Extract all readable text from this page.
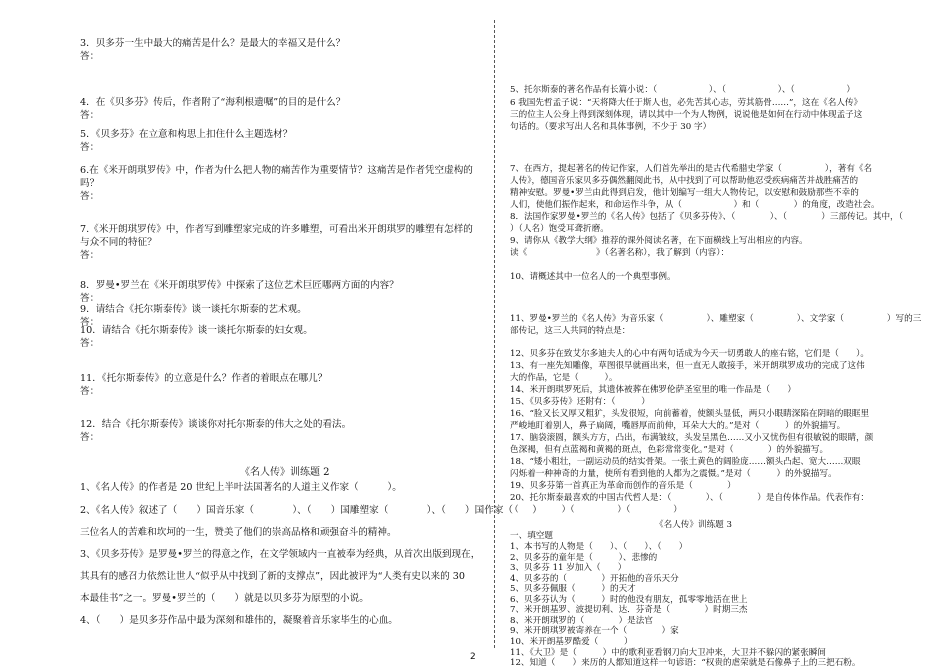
3．贝多芬一生中最大的痛苦是什么？是最大的幸福又是什么？
答：
4．在《贝多芬》传后，作者附了“海利根遗嘱”的目的是什么？
答：
5．《贝多芬》在立意和构思上扣住什么主题选材？
答：
6.在《米开朗琪罗传》中，作者为什么把人物的痛苦作为重要情节？这痛苦是作者凭空虚构的
吗？
答：
7.《米开朗琪罗传》中，作者写到雕塑家完成的许多雕塑，可看出米开朗琪罗的雕塑有怎样的
与众不同的特征？
答：
8．罗曼•罗兰在《米开朗琪罗传》中探索了这位艺术巨匠哪两方面的内容？
答：
9．请结合《托尔斯泰传》谈一谈托尔斯泰的艺术观。
答：
10．请结合《托尔斯泰传》谈一谈托尔斯泰的妇女观。
答：
11．《托尔斯泰传》的立意是什么？作者的着眼点在哪儿？
答：
12．结合《托尔斯泰传》谈谈你对托尔斯泰的伟大之处的看法。
答：
《名人传》训练题 2
1、《名人传》的作者是 20 世纪上半叶法国著名的人道主义作家（　　　）。
2、《名人传》叙述了（　　）国音乐家（　　　　）、（　　）国雕塑家（　　　　）、（　　）国作家（　　）
三位名人的苦难和坎坷的一生，赞美了他们的崇高品格和顽强奋斗的精神。
3、《贝多芬传》是罗曼•罗兰的得意之作，在文学领域内一直被奉为经典，从首次出版到现在，
其具有的感召力依然让世人“似乎从中找到了新的支撑点”，因此被评为“人类有史以来的 30
本最佳书”之一。罗曼•罗兰的（　　）就是以贝多芬为原型的小说。
4、（　　）是贝多芬作品中最为深刻和雄伟的，凝聚着音乐家毕生的心血。
5、托尔斯泰的著名作品有长篇小说：（　　　　　　）、（　　　　　　）、（　　　　　　）
6 我国先哲孟子说：“天将降大任于斯人也，必先苦其心志，劳其筋骨……”，这在《名人传》
三的位主人公身上得到深刻体现，请以其中一个为人物例，说说他是如何在行动中体现孟子这
句话的。（要求写出人名和具体事例，不少于 30 字）
7、在西方，提起著名的传记作家，人们首先举出的是古代希腊史学家（　　　　　），著有《名
人传》，德国音乐家贝多芬偶然翻阅此书，从中找到了可以帮助他忍受疾病痛苦并战胜痛苦的
精神安慰。罗曼•罗兰由此得到启发，他计划编写一组大人物传记，以安慰和鼓励那些不幸的
人们，使他们振作起来，和命运作斗争，从（　　　　　　）和（　　　　）的角度，改造社会。
8．法国作家罗曼•罗兰的《名人传》包括了《贝多芬传》、（　　　　）、（　　　　）三部传记。其中，（
）（人名）饱受耳聋折磨。
9、请你从《教学大纲》推荐的课外阅读名著，在下面横线上写出相应的内容。
读《　　　　　　　　》（名著名称），我了解到（内容）：
10、请概述其中一位名人的一个典型事例。
11、罗曼•罗兰的《名人传》为音乐家（　　　　　）、雕塑家（　　　　　）、文学家（　　　　　）写的三
部传记，这三人共同的特点是：
12、贝多芬在致艾尔多迪夫人的心中有两句话成为今天一切勇敢人的座右铭，它们是（　　）。
13、有一座先知雕像，草图很早就画出来，但一直无人敢接手，米开朗琪罗成功的完成了这伟
大的作品，它是（　　　）。
14、米开朗琪罗死后，其遗体被葬在佛罗伦萨圣室里的唯一作品是（　　）
15、《贝多芬传》还附有：（　　　）
16、“脸又长又厚又粗犷，头发很短，向前蓄着，使额头显低，两只小眼睛深陷在阴暗的眼眶里
严峻地盯着别人，鼻子扁阔，嘴唇厚而前伸，耳朵大大的。”是对（　　　）的外貌描写。
17、脑袋滚圆，额头方方，凸出，布满皱纹，头发呈黑色……又小又忧伤但有很敏锐的眼睛，颜
色深褐，但有点蓝褐和黄褐的斑点，色彩常常变化。”是对（　　　　）的外貌描写。
18、“矮小粗壮，一副运动员的结实骨架。一张土黄色的阔脸庞……额头凸起、宽大……双眼
闪烁着一种神奇的力量，使所有看到他的人都为之震慑。”是对（　　　）的外貌描写。
19、贝多芬第一首真正为革命而创作的音乐是（　　　　）
20、托尔斯泰最喜欢的中国古代哲人是：（　　　　）、（　　　　）是自传体作品。代表作有：
（　　　　　）（　　　　　）（　　　　　）
《名人传》训练题 3
一、填空题
1、本书写的人物是（　　）、（　　）、（　　）
2、贝多芬的童年是（　　　）、悲惨的
3、贝多芬 11 岁加入（　　）
4、贝多芬的（　　　　）开拓他的音乐天分
5、贝多芬佩服（　　　）的天才
6、贝多芬认为（　　　）时的他没有朋友，孤零零地活在世上
7、米开朗基罗、波提切利、达．芬奇是（　　　　）时期三杰
8、米开朗琪罗的（　　　　）是法官
9、米开朗琪罗被寄养在一个（　　　　）家
10、米开朗基罗酷爱（　　　）
11、《大卫》是（　　　）中的歌利亚看钢刀向大卫冲来，大卫并不躲闪的紧张瞬间
12、知道（　　）来历的人都知道这样一句谚语：“权贵的虐荣就是石像鼻子上的三把石粉。
2
